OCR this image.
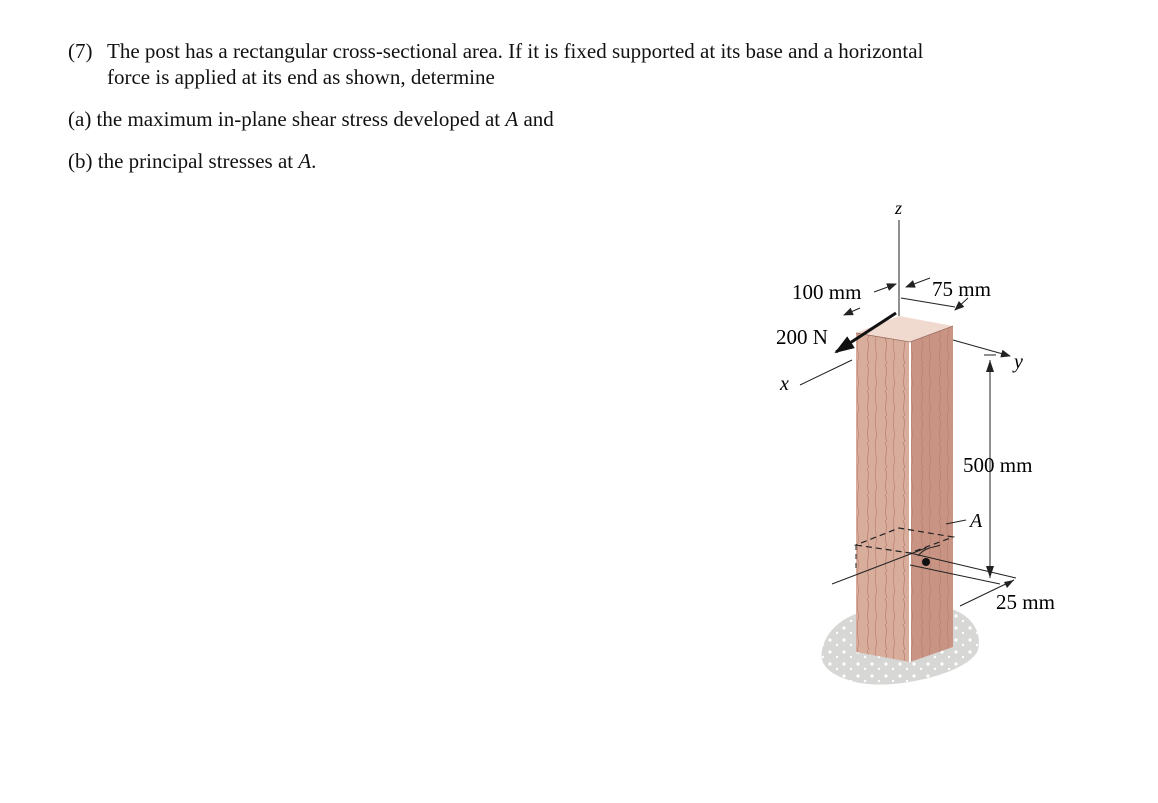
(7) The post has a rectangular cross-sectional area. If it is fixed supported at its base and a horizontal
force is applied at its end as shown, determine
(a) the maximum in-plane shear stress developed at A and
(b) the principal stresses at A.
z
x
y
200 N
100 mm	75 mm
500 mm
A
25 mm
